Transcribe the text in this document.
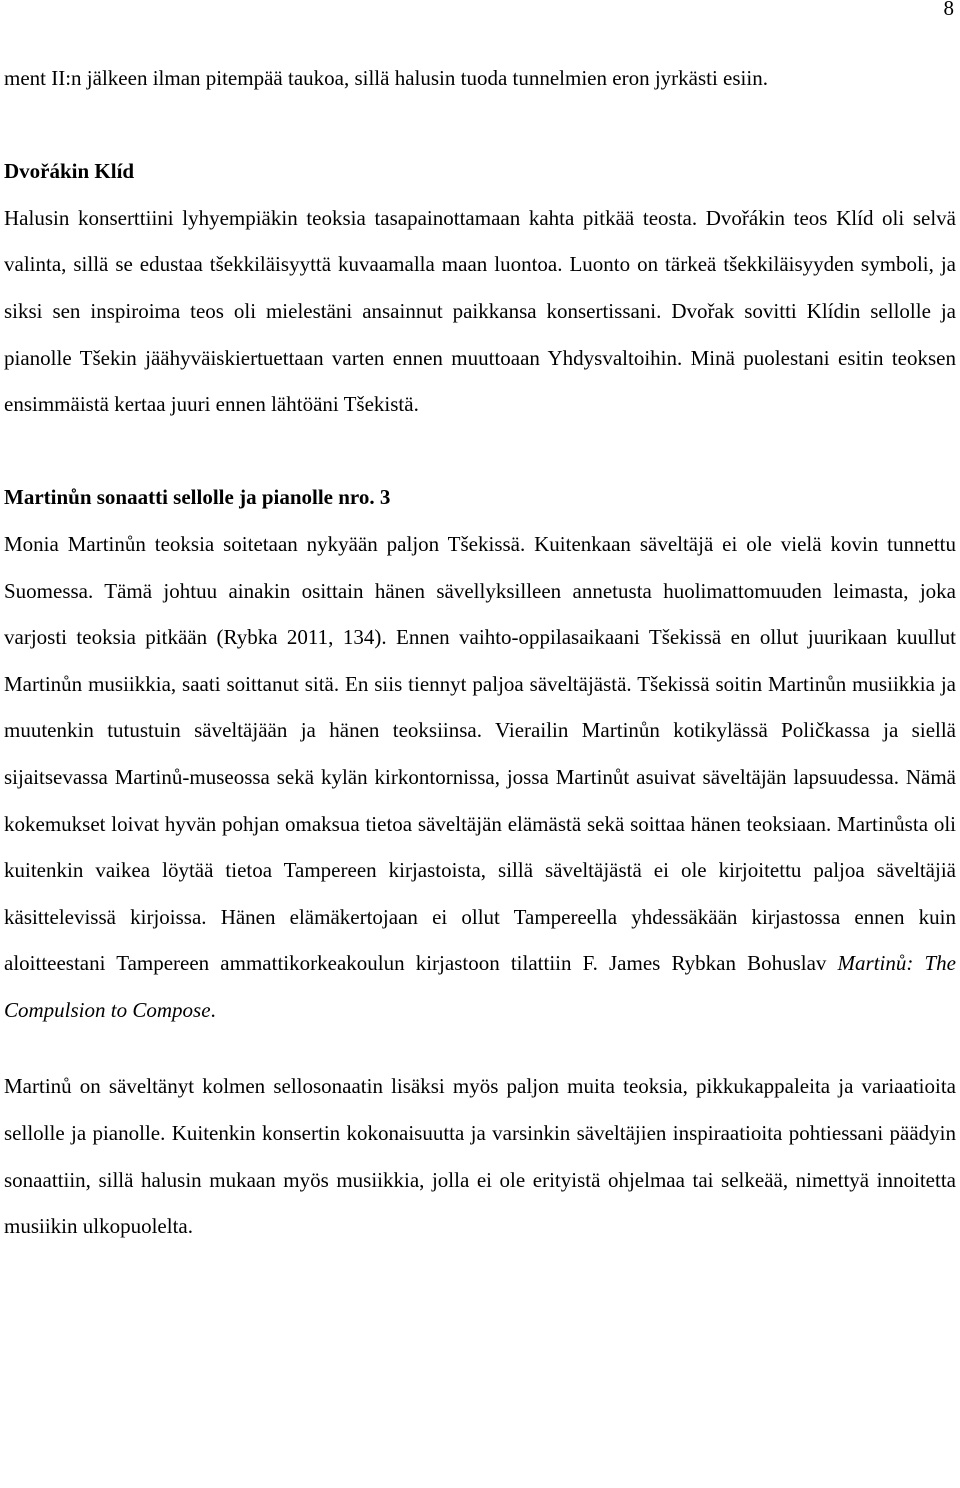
8

ment II:n jälkeen ilman pitempää taukoa, sillä halusin tuoda tunnelmien eron jyrkästi esiin.

Dvořákin Klíd

Halusin konserttiini lyhyempiäkin teoksia tasapainottamaan kahta pitkää teosta. Dvořákin teos Klíd oli selvä valinta, sillä se edustaa tšekkiläisyyttä kuvaamalla maan luontoa. Luonto on tärkeä tšekkiläisyyden symboli, ja siksi sen inspiroima teos oli mielestäni ansainnut paikkansa konsertissani. Dvořak sovitti Klídin sellolle ja pianolle Tšekin jäähyväiskiertuettaan varten ennen muuttoaan Yhdysvaltoihin. Minä puolestani esitin teoksen ensimmäistä kertaa juuri ennen lähtöäni Tšekistä.

Martinůn sonaatti sellolle ja pianolle nro. 3

Monia Martinůn teoksia soitetaan nykyään paljon Tšekissä. Kuitenkaan säveltäjä ei ole vielä kovin tunnettu Suomessa. Tämä johtuu ainakin osittain hänen sävellyksilleen annetusta huolimattomuuden leimasta, joka varjosti teoksia pitkään (Rybka 2011, 134). Ennen vaihto-oppilasaikaani Tšekissä en ollut juurikaan kuullut Martinůn musiikkia, saati soittanut sitä. En siis tiennyt paljoa säveltäjästä. Tšekissä soitin Martinůn musiikkia ja muutenkin tutustuin säveltäjään ja hänen teoksiinsa. Vierailin Martinůn kotikylässä Poličkassa ja siellä sijaitsevassa Martinů-museossa sekä kylän kirkontornissa, jossa Martinůt asuivat säveltäjän lapsuudessa. Nämä kokemukset loivat hyvän pohjan omaksua tietoa säveltäjän elämästä sekä soittaa hänen teoksiaan. Martinůsta oli kuitenkin vaikea löytää tietoa Tampereen kirjastoista, sillä säveltäjästä ei ole kirjoitettu paljoa säveltäjiä käsittelevissä kirjoissa. Hänen elämäkertojaan ei ollut Tampereella yhdessäkään kirjastossa ennen kuin aloitteestani Tampereen ammattikorkeakoulun kirjastoon tilattiin F. James Rybkan Bohuslav Martinů: The Compulsion to Compose.

Martinů on säveltänyt kolmen sellosonaatin lisäksi myös paljon muita teoksia, pikkukappaleita ja variaatioita sellolle ja pianolle. Kuitenkin konsertin kokonaisuutta ja varsinkin säveltäjien inspiraatioita pohtiessani päädyin sonaattiin, sillä halusin mukaan myös musiikkia, jolla ei ole erityistä ohjelmaa tai selkeää, nimettyä innoitetta musiikin ulkopuolelta.
